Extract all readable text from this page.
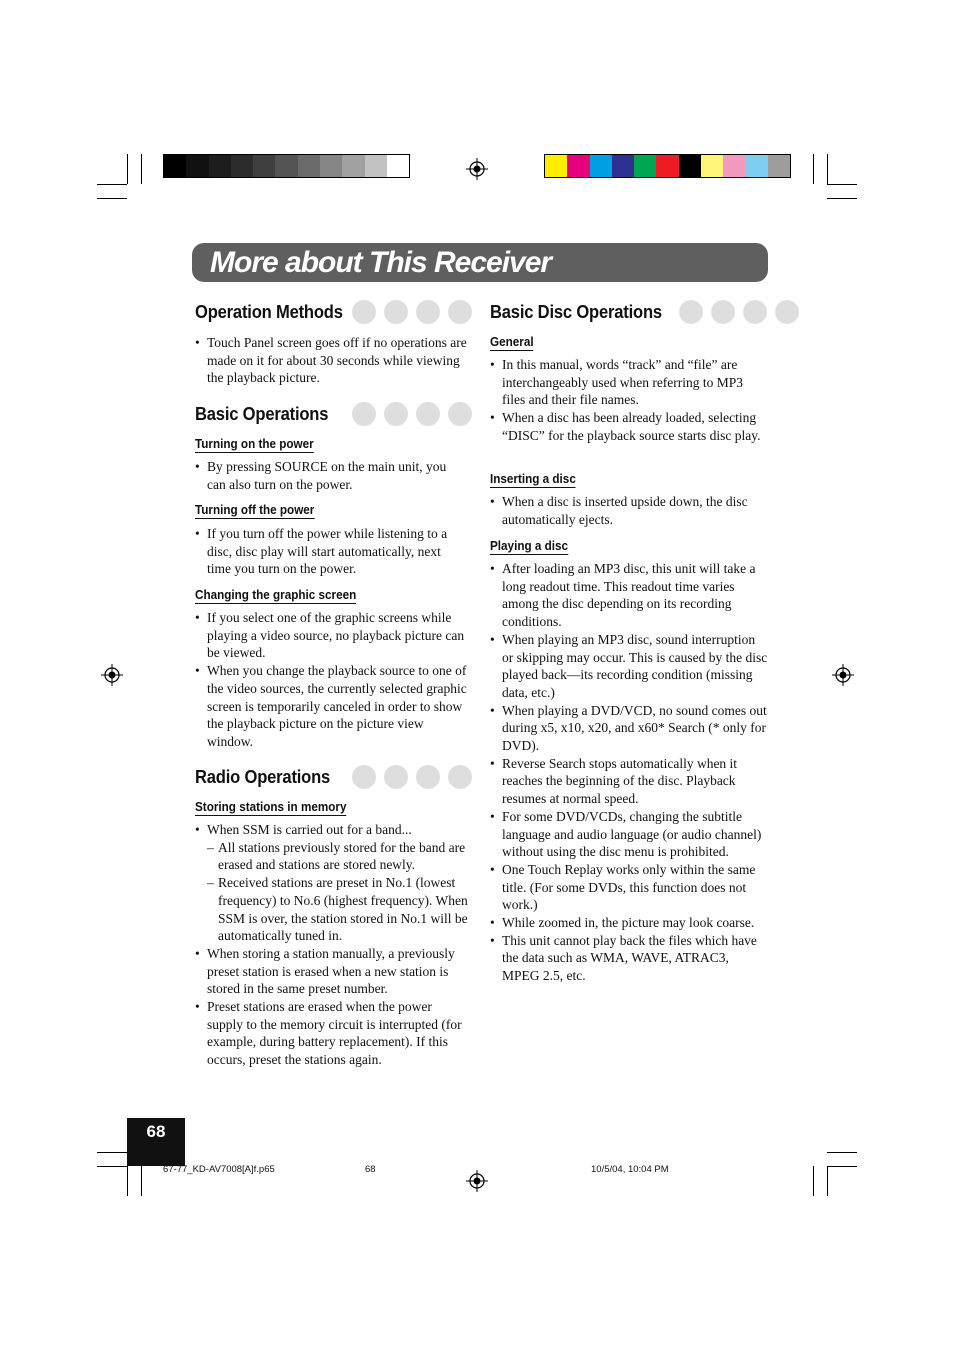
More about This Receiver
Operation Methods
• Touch Panel screen goes off if no operations are made on it for about 30 seconds while viewing the playback picture.
Basic Operations
Turning on the power
• By pressing SOURCE on the main unit, you can also turn on the power.
Turning off the power
• If you turn off the power while listening to a disc, disc play will start automatically, next time you turn on the power.
Changing the graphic screen
• If you select one of the graphic screens while playing a video source, no playback picture can be viewed.
• When you change the playback source to one of the video sources, the currently selected graphic screen is temporarily canceled in order to show the playback picture on the picture view window.
Radio Operations
Storing stations in memory
• When SSM is carried out for a band...
– All stations previously stored for the band are erased and stations are stored newly.
– Received stations are preset in No.1 (lowest frequency) to No.6 (highest frequency). When SSM is over, the station stored in No.1 will be automatically tuned in.
• When storing a station manually, a previously preset station is erased when a new station is stored in the same preset number.
• Preset stations are erased when the power supply to the memory circuit is interrupted (for example, during battery replacement). If this occurs, preset the stations again.
Basic Disc Operations
General
• In this manual, words “track” and “file” are interchangeably used when referring to MP3 files and their file names.
• When a disc has been already loaded, selecting “DISC” for the playback source starts disc play.
Inserting a disc
• When a disc is inserted upside down, the disc automatically ejects.
Playing a disc
• After loading an MP3 disc, this unit will take a long readout time. This readout time varies among the disc depending on its recording conditions.
• When playing an MP3 disc, sound interruption or skipping may occur. This is caused by the disc played back—its recording condition (missing data, etc.)
• When playing a DVD/VCD, no sound comes out during x5, x10, x20, and x60* Search (* only for DVD).
• Reverse Search stops automatically when it reaches the beginning of the disc. Playback resumes at normal speed.
• For some DVD/VCDs, changing the subtitle language and audio language (or audio channel) without using the disc menu is prohibited.
• One Touch Replay works only within the same title. (For some DVDs, this function does not work.)
• While zoomed in, the picture may look coarse.
• This unit cannot play back the files which have the data such as WMA, WAVE, ATRAC3, MPEG 2.5, etc.
68
67-77_KD-AV7008[A]f.p65	68	10/5/04, 10:04 PM
